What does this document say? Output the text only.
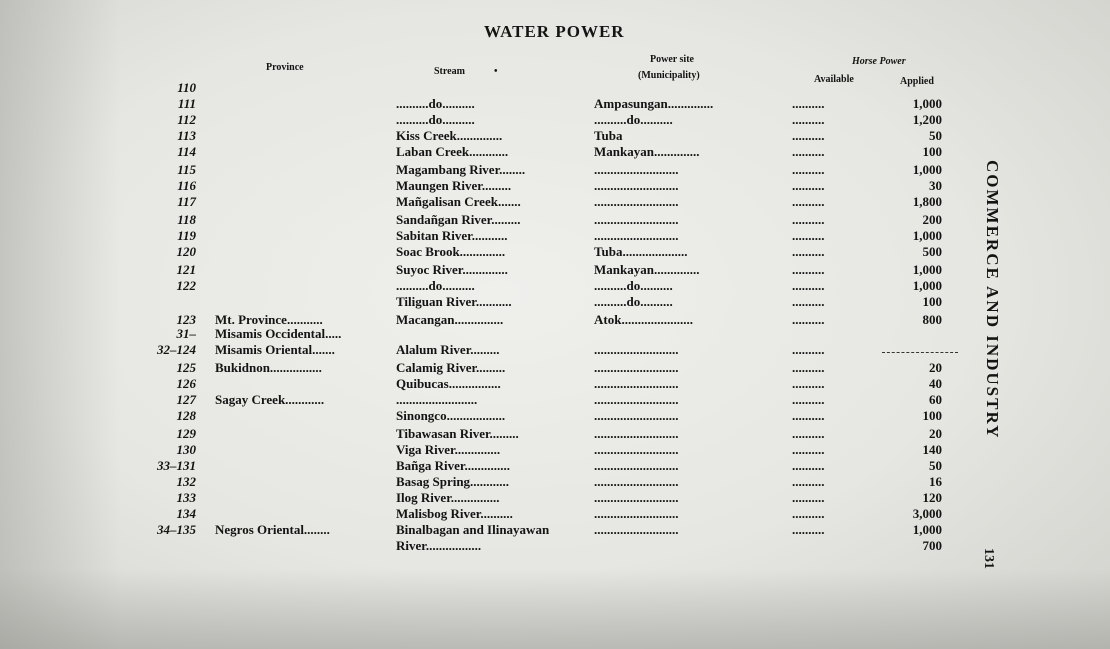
WATER POWER
Province	Stream	•
Power site
(Municipality)
Horse Power
Available	Applied
110
111	..........do..........	Ampasungan..............	..........	1,000
112	..........do..........	..........do..........	..........	1,200
113	Kiss Creek..............	Tuba	..........	50
114	Laban Creek............	Mankayan..............	..........	100
115	Magambang River........	..........................	..........	1,000
116	Maungen River.........	..........................	..........	30
117	Mañgalisan Creek.......	..........................	..........	1,800
118	Sandañgan River.........	..........................	..........	200
119	Sabitan River...........	..........................	..........	1,000
120	Soac Brook..............	Tuba....................	..........	500
121	Suyoc River..............	Mankayan..............	..........	1,000
122	..........do..........	..........do..........	..........	1,000
Tiliguan River...........	..........do..........	..........	100
123 Mt. Province...........	Macangan...............	Atok......................	..........	800
31– Misamis Occidental.....
32–124 Misamis Oriental.......	Alalum River.........	..........................	..........
125 Bukidnon................	Calamig River.........	..........................	..........	20
126	Quibucas................	..........................	..........	40
127 Sagay Creek............	.........................	..........................	..........	60
128	Sinongco..................	..........................	..........	100
129	Tibawasan River.........	..........................	..........	20
130	Viga River..............	..........................	..........	140
33–131	Bañga River..............	..........................	..........	50
132	Basag Spring............	..........................	..........	16
133	Ilog River...............	..........................	..........	120
134	Malisbog River..........	..........................	..........	3,000
34–135 Negros Oriental........	Binalbagan and Ilinayawan	..........................	..........	1,000
River.................	700
COMMERCE AND INDUSTRY
131
